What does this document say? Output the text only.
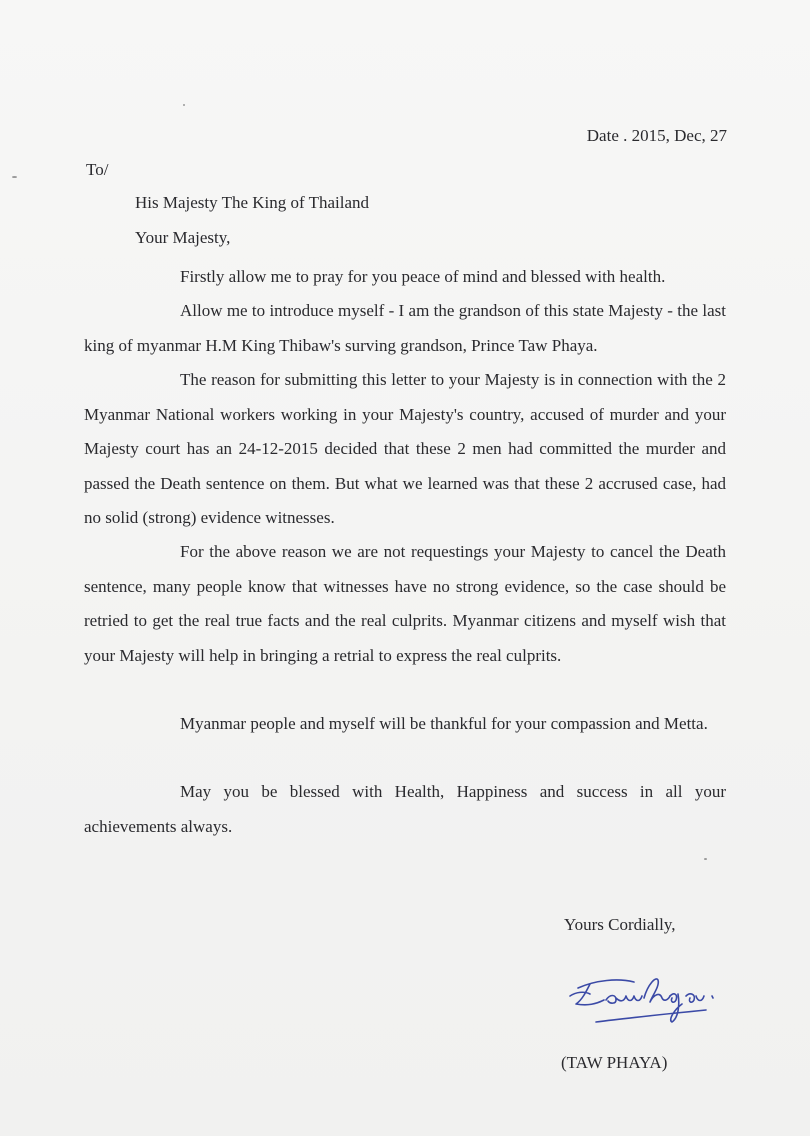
Date . 2015, Dec, 27
To/
His Majesty The King of Thailand
Your Majesty,
Firstly allow me to pray for you peace of mind and blessed with health.
Allow me to introduce myself - I am the grandson of this state Majesty - the last king of myanmar H.M King Thibaw's surving grandson, Prince Taw Phaya.
The reason for submitting this letter to your Majesty is in connection with the 2 Myanmar National workers working in your Majesty's country, accused of murder and your Majesty court has an 24-12-2015 decided that these 2 men had committed the murder and passed the Death sentence on them. But what we learned was that these 2 accrused case, had no solid (strong) evidence witnesses.
For the above reason we are not requestings your Majesty to cancel the Death sentence, many people know that witnesses have no strong evidence, so the case should be retried to get the real true facts and the real culprits. Myanmar citizens and myself wish that your Majesty will help in bringing a retrial to express the real culprits.
Myanmar people and myself will be thankful for your compassion and Metta.
May you be blessed with Health, Happiness and success in all your achievements always.
Yours Cordially,
(TAW PHAYA)
